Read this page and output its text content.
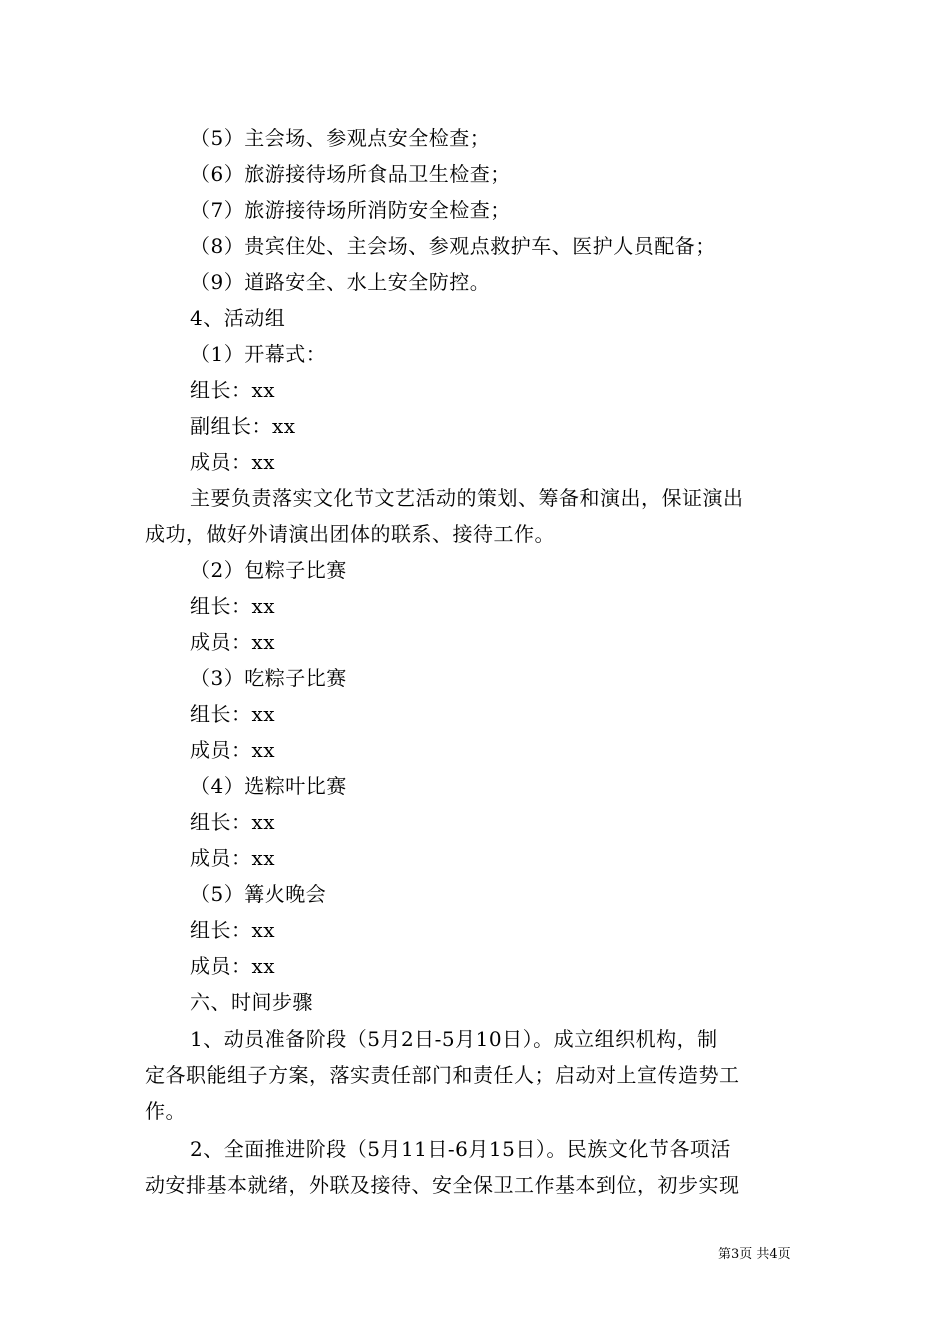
（5）主会场、参观点安全检查；
（6）旅游接待场所食品卫生检查；
（7）旅游接待场所消防安全检查；
（8）贵宾住处、主会场、参观点救护车、医护人员配备；
（9）道路安全、水上安全防控。
4、活动组
（1）开幕式：
组长：xx
副组长：xx
成员：xx
主要负责落实文化节文艺活动的策划、筹备和演出，保证演出
成功，做好外请演出团体的联系、接待工作。
（2）包粽子比赛
组长：xx
成员：xx
（3）吃粽子比赛
组长：xx
成员：xx
（4）选粽叶比赛
组长：xx
成员：xx
（5）篝火晚会
组长：xx
成员：xx
六、时间步骤
1、动员准备阶段（5月2日-5月10日）。成立组织机构，制
定各职能组子方案，落实责任部门和责任人；启动对上宣传造势工
作。
2、全面推进阶段（5月11日-6月15日）。民族文化节各项活
动安排基本就绪，外联及接待、安全保卫工作基本到位，初步实现
第3页 共4页
